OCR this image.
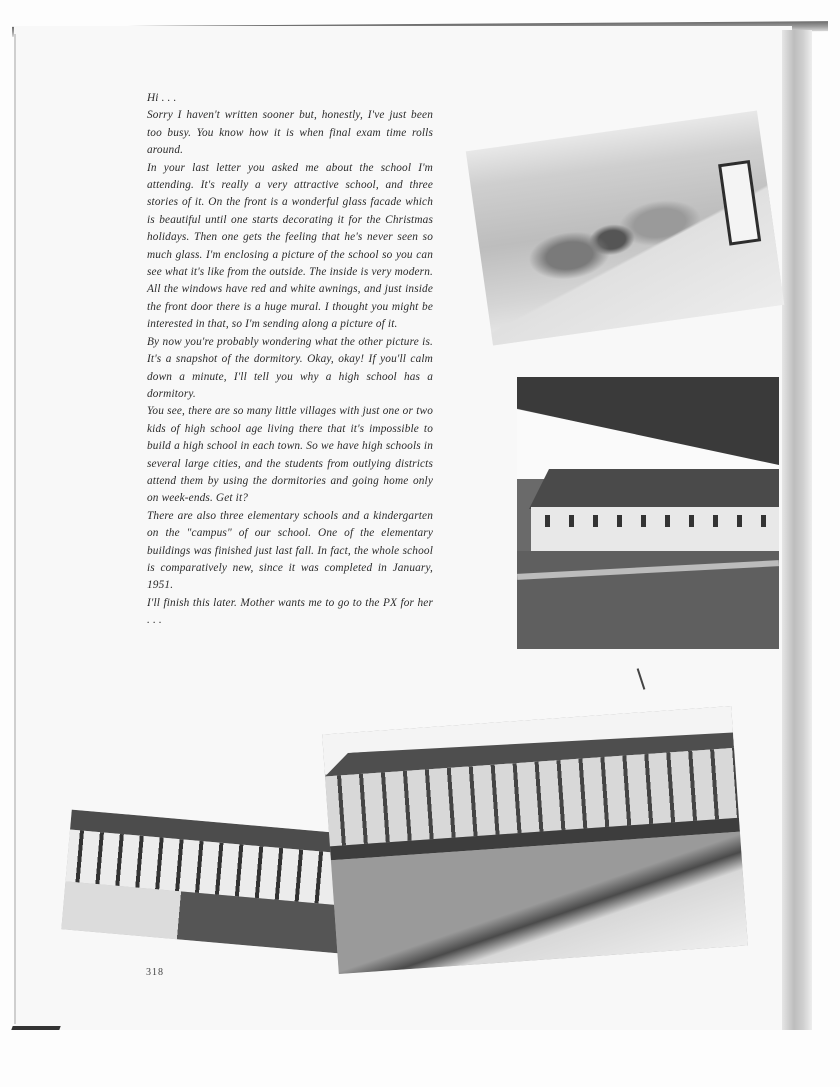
Hi . . .

Sorry I haven't written sooner but, honestly, I've just been too busy. You know how it is when final exam time rolls around.

In your last letter you asked me about the school I'm attending. It's really a very attractive school, and three stories of it. On the front is a wonderful glass facade which is beautiful until one starts decorating it for the Christmas holidays. Then one gets the feeling that he's never seen so much glass. I'm enclosing a picture of the school so you can see what it's like from the outside. The inside is very modern. All the windows have red and white awnings, and just inside the front door there is a huge mural. I thought you might be interested in that, so I'm sending along a picture of it.

By now you're probably wondering what the other picture is. It's a snapshot of the dormitory. Okay, okay! If you'll calm down a minute, I'll tell you why a high school has a dormitory.

You see, there are so many little villages with just one or two kids of high school age living there that it's impossible to build a high school in each town. So we have high schools in several large cities, and the students from outlying districts attend them by using the dormitories and going home only on week-ends. Get it?

There are also three elementary schools and a kindergarten on the "campus" of our school. One of the elementary buildings was finished just last fall. In fact, the whole school is comparatively new, since it was completed in January, 1951.

I'll finish this later. Mother wants me to go to the PX for her . . .

318
